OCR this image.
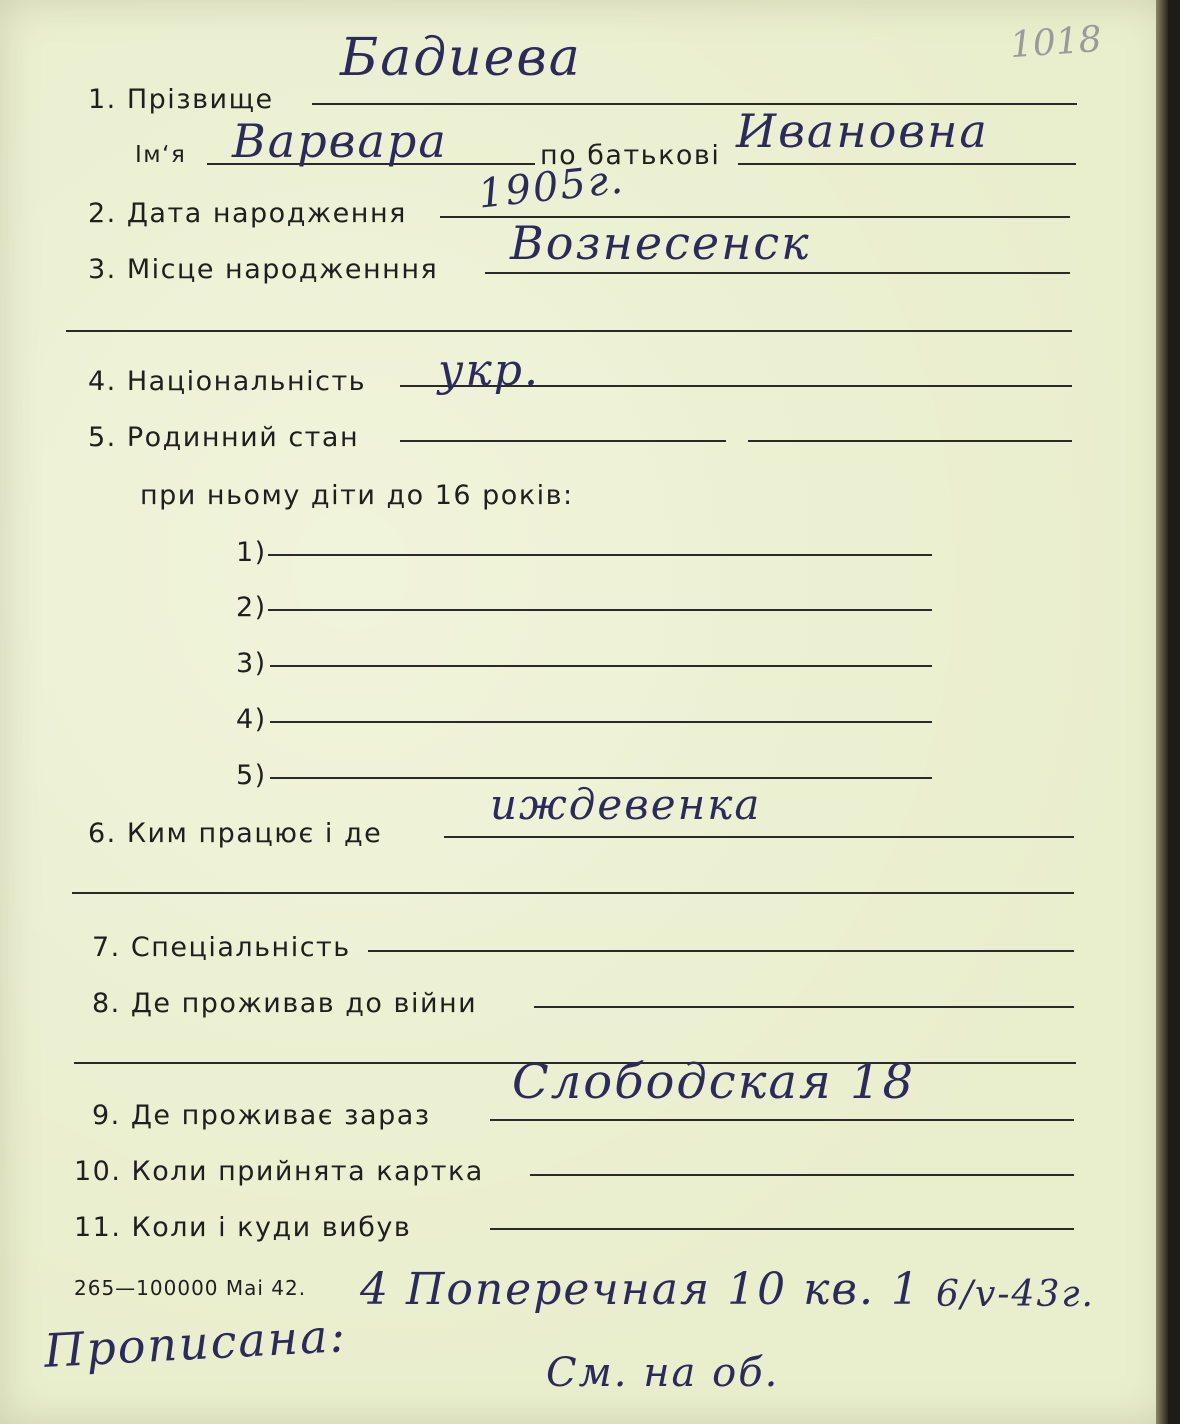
1018
1. Прізвище
Бадиева
Ім‘я Варвара	по батькові Ивановна
2. Дата народження 1905г.
3. Місце народженння Вознесенск
4. Національність укр.
5. Родинний стан
при ньому діти до 16 років:
1)
2)
3)
4)
5)
6. Ким працює і де
иждевенка
7. Спеціальність
8. Де проживав до війни
9. Де проживає зараз
Слободская 18
10. Коли прийнята картка
11. Коли і куди вибув
265—100000 Mai 42. 4 Поперечная 10 кв. 1 6/v-43г.
Прописана:	См. на об.
